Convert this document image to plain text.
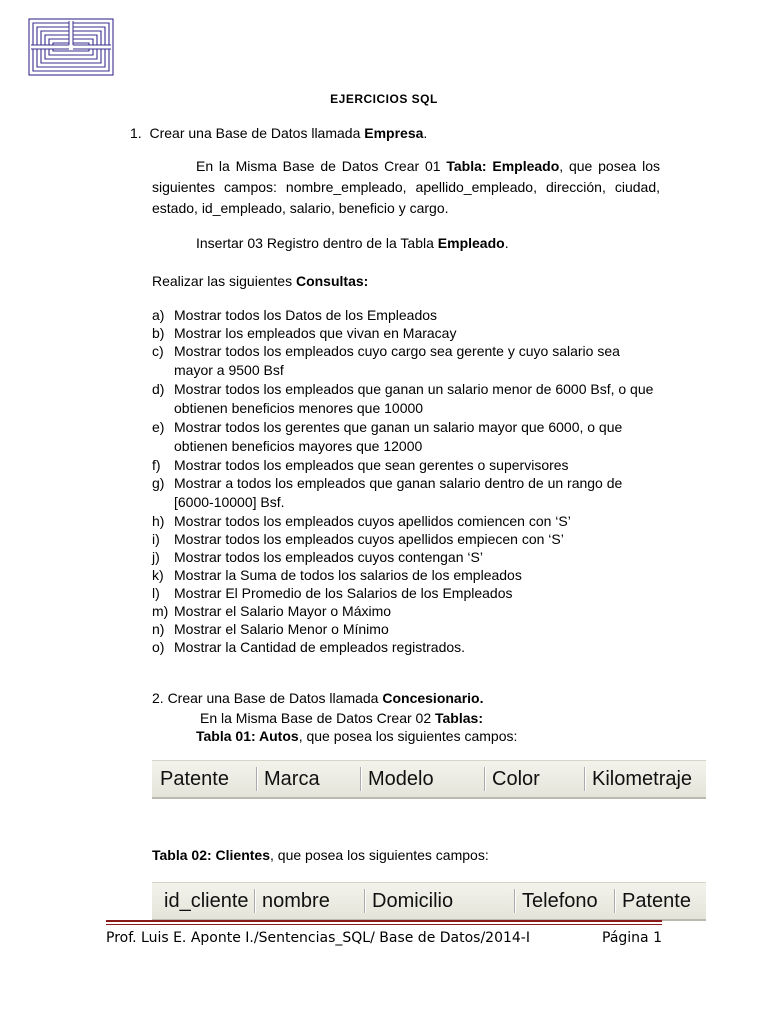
EJERCICIOS SQL
1. Crear una Base de Datos llamada Empresa.
En la Misma Base de Datos Crear 01 Tabla: Empleado, que posea los siguientes campos: nombre_empleado, apellido_empleado, dirección, ciudad, estado, id_empleado, salario, beneficio y cargo.
Insertar 03 Registro dentro de la Tabla Empleado.
Realizar las siguientes Consultas:
a) Mostrar todos los Datos de los Empleados
b) Mostrar los empleados que vivan en Maracay
c) Mostrar todos los empleados cuyo cargo sea gerente y cuyo salario sea mayor a 9500 Bsf
d) Mostrar todos los empleados que ganan un salario menor de 6000 Bsf, o que obtienen beneficios menores que 10000
e) Mostrar todos los gerentes que ganan un salario mayor que 6000, o que obtienen beneficios mayores que 12000
f) Mostrar todos los empleados que sean gerentes o supervisores
g) Mostrar a todos los empleados que ganan salario dentro de un rango de [6000-10000] Bsf.
h) Mostrar todos los empleados cuyos apellidos comiencen con ‘S’
i)	Mostrar todos los empleados cuyos apellidos empiecen con ‘S’
j)	Mostrar todos los empleados cuyos contengan ‘S’
k) Mostrar la Suma de todos los salarios de los empleados
l)	Mostrar El Promedio de los Salarios de los Empleados
m) Mostrar el Salario Mayor o Máximo
n) Mostrar el Salario Menor o Mínimo
o) Mostrar la Cantidad de empleados registrados.
2. Crear una Base de Datos llamada Concesionario.
En la Misma Base de Datos Crear 02 Tablas:
Tabla 01: Autos, que posea los siguientes campos:
Patente	Marca	Modelo	Color	Kilometraje
Tabla 02: Clientes, que posea los siguientes campos:
id_cliente nombre	Domicilio	Telefono	Patente
Prof. Luis E. Aponte I./Sentencias_SQL/ Base de Datos/2014-I	Página 1
